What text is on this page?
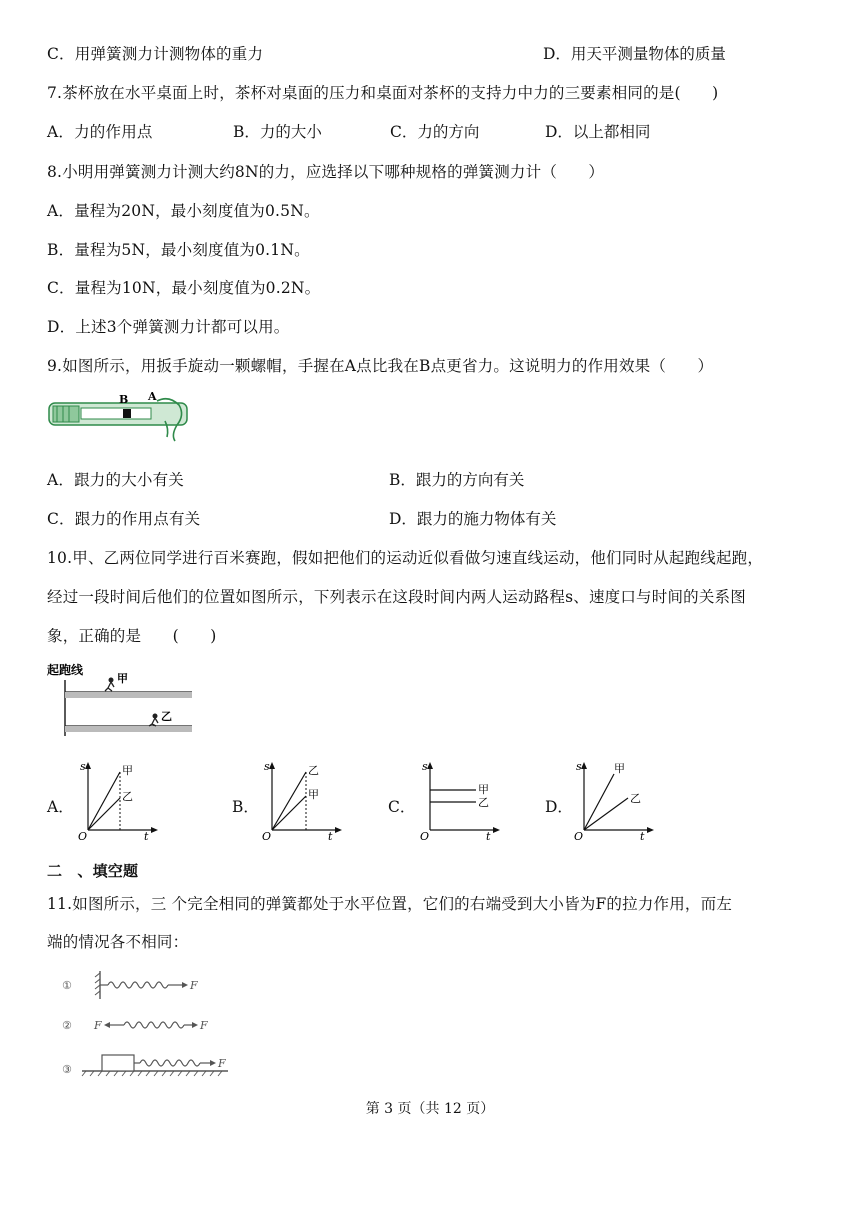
C．用弹簧测力计测物体的重力	D．用天平测量物体的质量
7.茶杯放在水平桌面上时，茶杯对桌面的压力和桌面对茶杯的支持力中力的三要素相同的是(　　)
A．力的作用点	B．力的大小	C．力的方向	D．以上都相同
8.小明用弹簧测力计测大约8N的力，应选择以下哪种规格的弹簧测力计（　　）
A．量程为20N，最小刻度值为0.5N。
B．量程为5N，最小刻度值为0.1N。
C．量程为10N，最小刻度值为0.2N。
D．上述3个弹簧测力计都可以用。
9.如图所示，用扳手旋动一颗螺帽，手握在A点比我在B点更省力。这说明力的作用效果（　　）
B A
A．跟力的大小有关	B．跟力的方向有关
C．跟力的作用点有关	D．跟力的施力物体有关
10.甲、乙两位同学进行百米赛跑，假如把他们的运动近似看做匀速直线运动，他们同时从起跑线起跑，
经过一段时间后他们的位置如图所示，下列表示在这段时间内两人运动路程s、速度口与时间的关系图
象，正确的是　　(　　)
起跑线
甲
乙
A．
s
t
O
甲
乙
B．
s
t
O
乙
甲
C．
s
t
O
甲
乙	D．
s
t
O
甲
乙
二　、填空题
11.如图所示，三 个完全相同的弹簧都处于水平位置，它们的右端受到大小皆为F的拉力作用，而左
端的情况各不相同：
①	F
② F	F
③	F
第 3 页（共 12 页）
